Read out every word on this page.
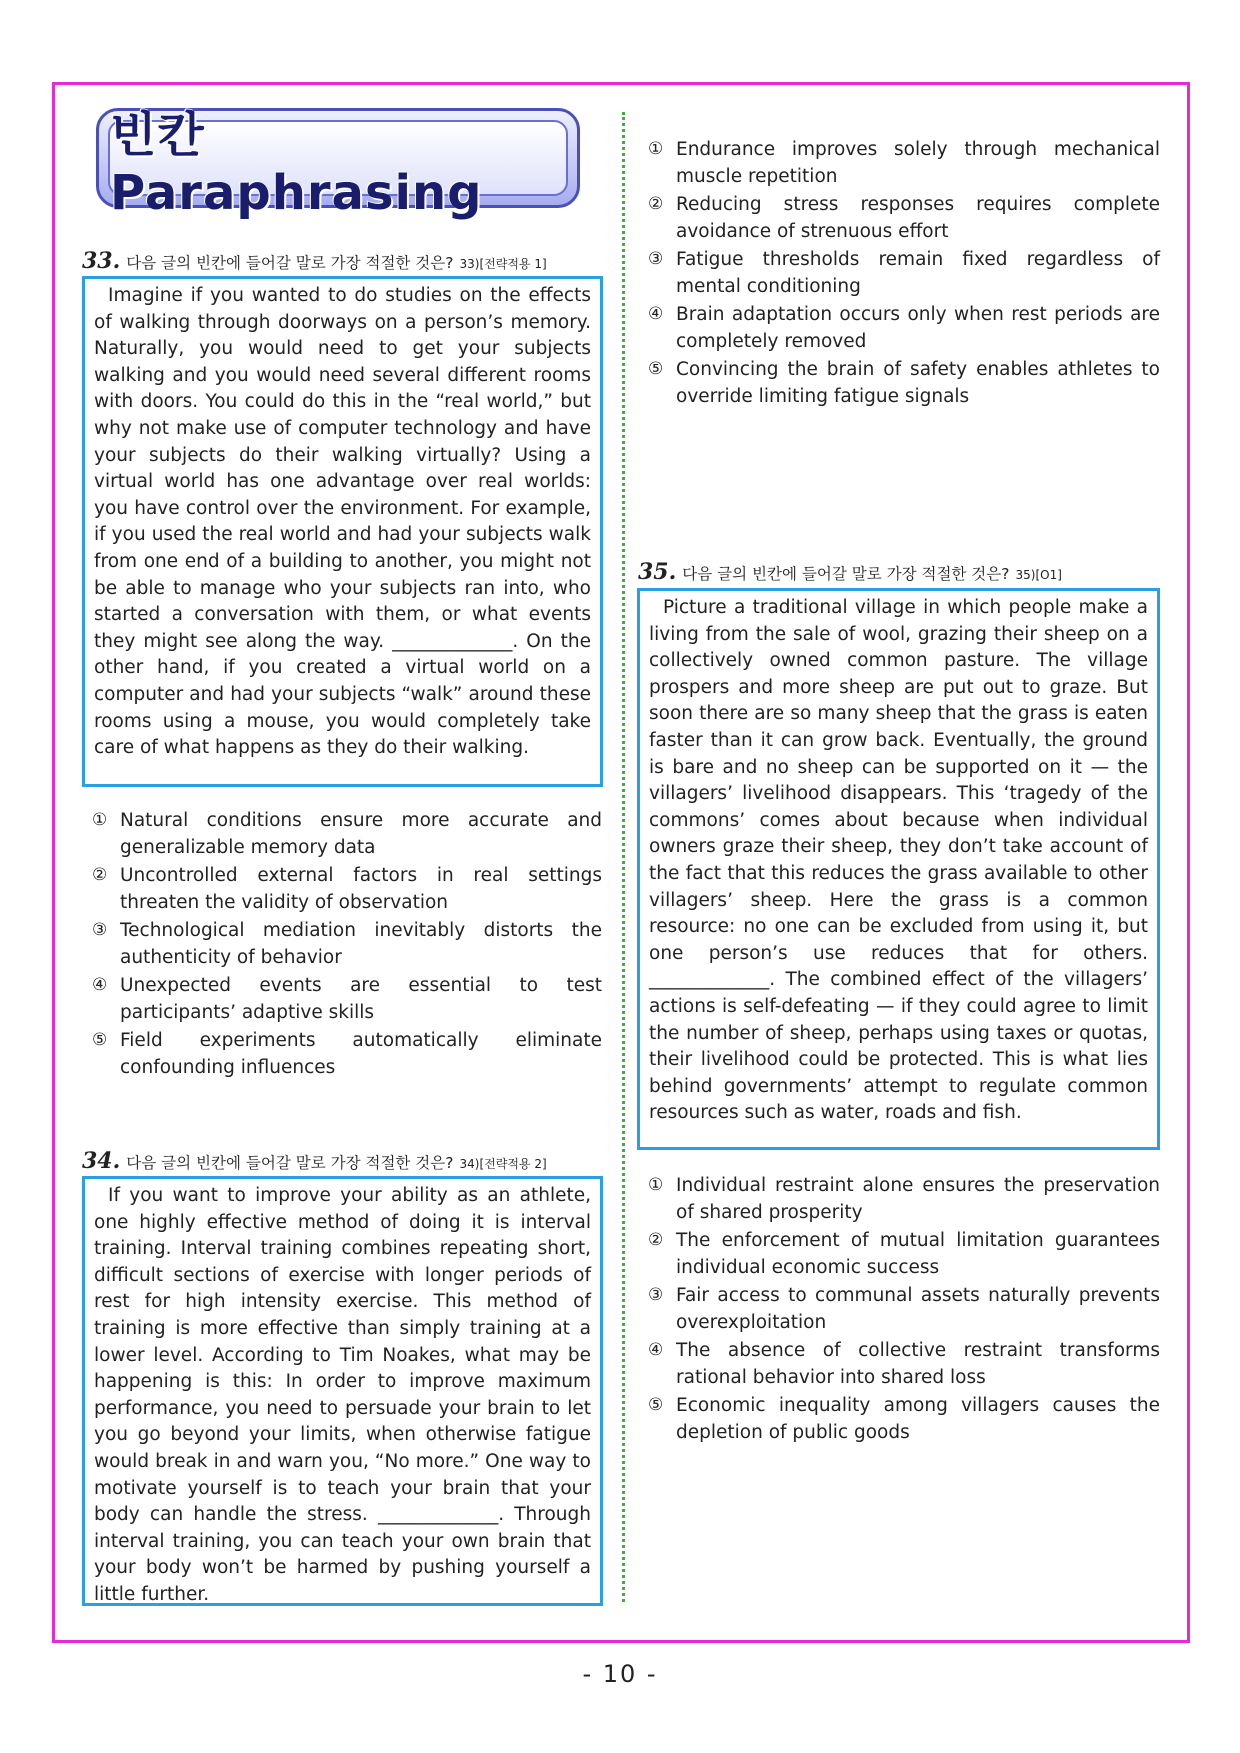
빈칸 Paraphrasing
33. 다음 글의 빈칸에 들어갈 말로 가장 적절한 것은? 33)[전략적용 1]

Imagine if you wanted to do studies on the effects of walking through doorways on a person’s memory. Naturally, you would need to get your subjects walking and you would need several different rooms with doors. You could do this in the “real world,” but why not make use of computer technology and have your subjects do their walking virtually? Using a virtual world has one advantage over real worlds: you have control over the environment. For example, if you used the real world and had your subjects walk from one end of a building to another, you might not be able to manage who your subjects ran into, who started a conversation with them, or what events they might see along the way. _____________. On the other hand, if you created a virtual world on a computer and had your subjects “walk” around these rooms using a mouse, you would completely take care of what happens as they do their walking.

① Natural conditions ensure more accurate and generalizable memory data
② Uncontrolled external factors in real settings threaten the validity of observation
③ Technological mediation inevitably distorts the authenticity of behavior
④ Unexpected events are essential to test participants’ adaptive skills
⑤ Field experiments automatically eliminate confounding influences
34. 다음 글의 빈칸에 들어갈 말로 가장 적절한 것은? 34)[전략적용 2]

If you want to improve your ability as an athlete, one highly effective method of doing it is interval training. Interval training combines repeating short, difficult sections of exercise with longer periods of rest for high intensity exercise. This method of training is more effective than simply training at a lower level. According to Tim Noakes, what may be happening is this: In order to improve maximum performance, you need to persuade your brain to let you go beyond your limits, when otherwise fatigue would break in and warn you, “No more.” One way to motivate yourself is to teach your brain that your body can handle the stress. _____________. Through interval training, you can teach your own brain that your body won’t be harmed by pushing yourself a little further.

① Endurance improves solely through mechanical muscle repetition
② Reducing stress responses requires complete avoidance of strenuous effort
③ Fatigue thresholds remain fixed regardless of mental conditioning
④ Brain adaptation occurs only when rest periods are completely removed
⑤ Convincing the brain of safety enables athletes to override limiting fatigue signals
35. 다음 글의 빈칸에 들어갈 말로 가장 적절한 것은? 35)[O1]

Picture a traditional village in which people make a living from the sale of wool, grazing their sheep on a collectively owned common pasture. The village prospers and more sheep are put out to graze. But soon there are so many sheep that the grass is eaten faster than it can grow back. Eventually, the ground is bare and no sheep can be supported on it — the villagers’ livelihood disappears. This ‘tragedy of the commons’ comes about because when individual owners graze their sheep, they don’t take account of the fact that this reduces the grass available to other villagers’ sheep. Here the grass is a common resource: no one can be excluded from using it, but one person’s use reduces that for others. _____________. The combined effect of the villagers’ actions is self-defeating — if they could agree to limit the number of sheep, perhaps using taxes or quotas, their livelihood could be protected. This is what lies behind governments’ attempt to regulate common resources such as water, roads and fish.

① Individual restraint alone ensures the preservation of shared prosperity
② The enforcement of mutual limitation guarantees individual economic success
③ Fair access to communal assets naturally prevents overexploitation
④ The absence of collective restraint transforms rational behavior into shared loss
⑤ Economic inequality among villagers causes the depletion of public goods
- 10 -
